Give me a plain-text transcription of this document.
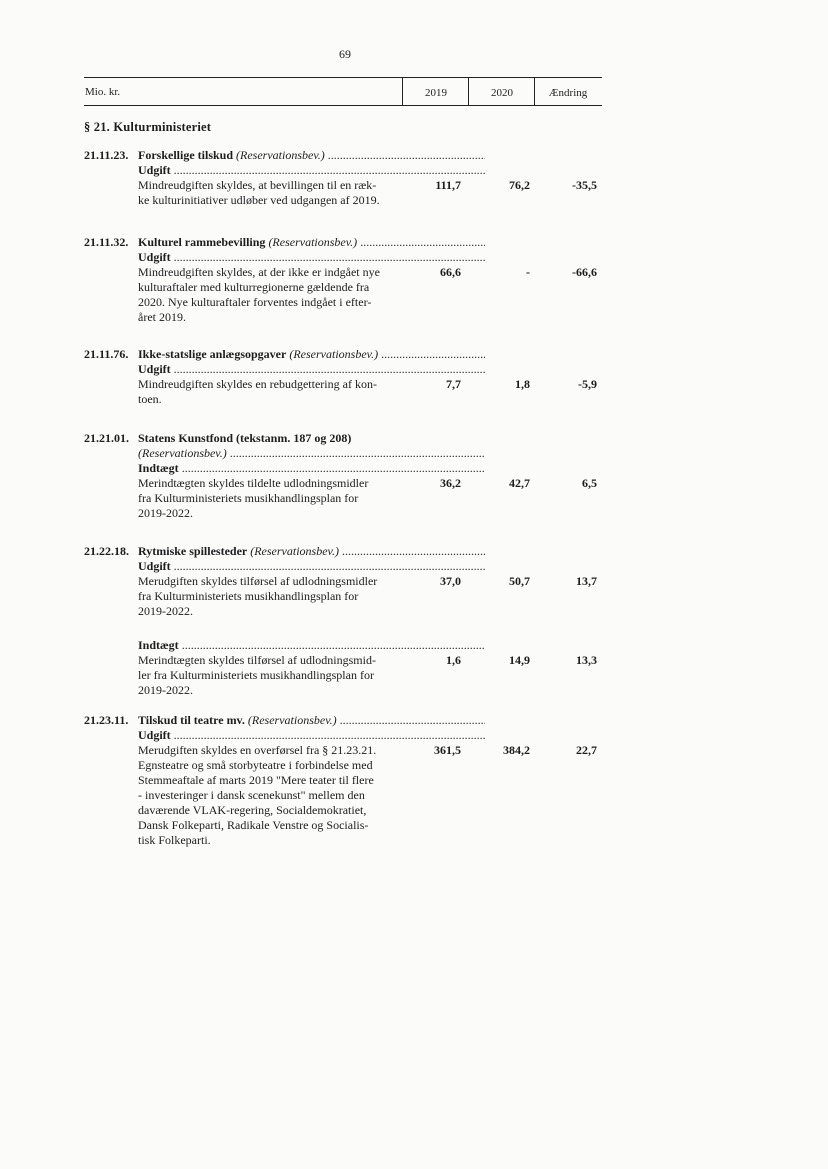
69
Mio. kr.	2019	2020	Ændring
§ 21. Kulturministeriet
21.11.23. Forskellige tilskud (Reservationsbev.) .....
Udgift .....
Mindreudgiften skyldes, at bevillingen til en ræk-
ke kulturinitiativer udløber ved udgangen af 2019.
111,7	76,2	-35,5
21.11.32. Kulturel rammebevilling (Reservationsbev.) .....
Udgift .....
Mindreudgiften skyldes, at der ikke er indgået nye
kulturaftaler med kulturregionerne gældende fra
2020. Nye kulturaftaler forventes indgået i efter-
året 2019.
66,6	-	-66,6
21.11.76. Ikke-statslige anlægsopgaver (Reservationsbev.) .....
Udgift .....
Mindreudgiften skyldes en rebudgettering af kon-
toen.
7,7	1,8	-5,9
21.21.01. Statens Kunstfond (tekstanm. 187 og 208)
(Reservationsbev.) .....
Indtægt .....
Merindtægten skyldes tildelte udlodningsmidler
fra Kulturministeriets musikhandlingsplan for
2019-2022.
36,2	42,7	6,5
21.22.18. Rytmiske spillesteder (Reservationsbev.) .....
Udgift .....
Merudgiften skyldes tilførsel af udlodningsmidler
fra Kulturministeriets musikhandlingsplan for
2019-2022.
37,0	50,7	13,7
Indtægt .....
Merindtægten skyldes tilførsel af udlodningsmid-
ler fra Kulturministeriets musikhandlingsplan for
2019-2022.
1,6	14,9	13,3
21.23.11. Tilskud til teatre mv. (Reservationsbev.) .....
Udgift .....
Merudgiften skyldes en overførsel fra § 21.23.21.
Egnsteatre og små storbyteatre i forbindelse med
Stemmeaftale af marts 2019 "Mere teater til flere
- investeringer i dansk scenekunst" mellem den
daværende VLAK-regering, Socialdemokratiet,
Dansk Folkeparti, Radikale Venstre og Socialis-
tisk Folkeparti.
361,5	384,2	22,7
